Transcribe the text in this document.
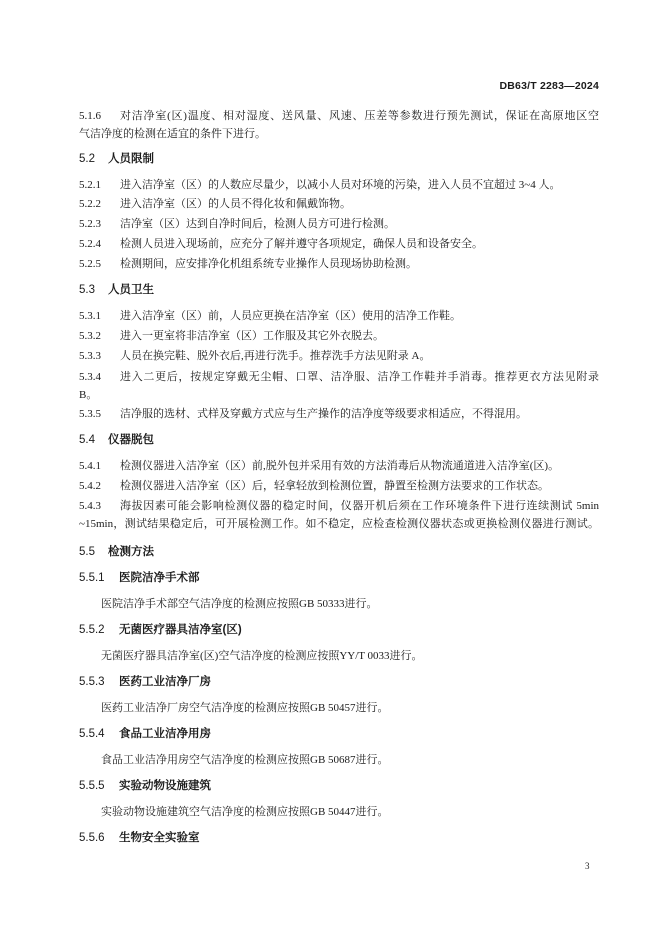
DB63/T 2283—2024
5.1.6	对洁净室(区)温度、相对湿度、送风量、风速、压差等参数进行预先测试，保证在高原地区空
气洁净度的检测在适宜的条件下进行。
5.2	人员限制
5.2.1	进入洁净室（区）的人数应尽量少，以减小人员对环境的污染，进入人员不宜超过 3~4 人。
5.2.2	进入洁净室（区）的人员不得化妆和佩戴饰物。
5.2.3	洁净室（区）达到自净时间后，检测人员方可进行检测。
5.2.4	检测人员进入现场前，应充分了解并遵守各项规定，确保人员和设备安全。
5.2.5	检测期间，应安排净化机组系统专业操作人员现场协助检测。
5.3	人员卫生
5.3.1	进入洁净室（区）前，人员应更换在洁净室（区）使用的洁净工作鞋。
5.3.2	进入一更室将非洁净室（区）工作服及其它外衣脱去。
5.3.3	人员在换完鞋、脱外衣后,再进行洗手。推荐洗手方法见附录 A。
5.3.4	进入二更后，按规定穿戴无尘帽、口罩、洁净服、洁净工作鞋并手消毒。推荐更衣方法见附录
B。
5.3.5	洁净服的选材、式样及穿戴方式应与生产操作的洁净度等级要求相适应，不得混用。
5.4	仪器脱包
5.4.1	检测仪器进入洁净室（区）前,脱外包并采用有效的方法消毒后从物流通道进入洁净室(区)。
5.4.2	检测仪器进入洁净室（区）后，轻拿轻放到检测位置，静置至检测方法要求的工作状态。
5.4.3	海拔因素可能会影响检测仪器的稳定时间，仪器开机后须在工作环境条件下进行连续测试 5min
~15min，测试结果稳定后，可开展检测工作。如不稳定，应检查检测仪器状态或更换检测仪器进行测试。
5.5	检测方法
5.5.1	医院洁净手术部
医院洁净手术部空气洁净度的检测应按照GB 50333进行。
5.5.2	无菌医疗器具洁净室(区)
无菌医疗器具洁净室(区)空气洁净度的检测应按照YY/T 0033进行。
5.5.3	医药工业洁净厂房
医药工业洁净厂房空气洁净度的检测应按照GB 50457进行。
5.5.4	食品工业洁净用房
食品工业洁净用房空气洁净度的检测应按照GB 50687进行。
5.5.5	实验动物设施建筑
实验动物设施建筑空气洁净度的检测应按照GB 50447进行。
5.5.6	生物安全实验室
3
